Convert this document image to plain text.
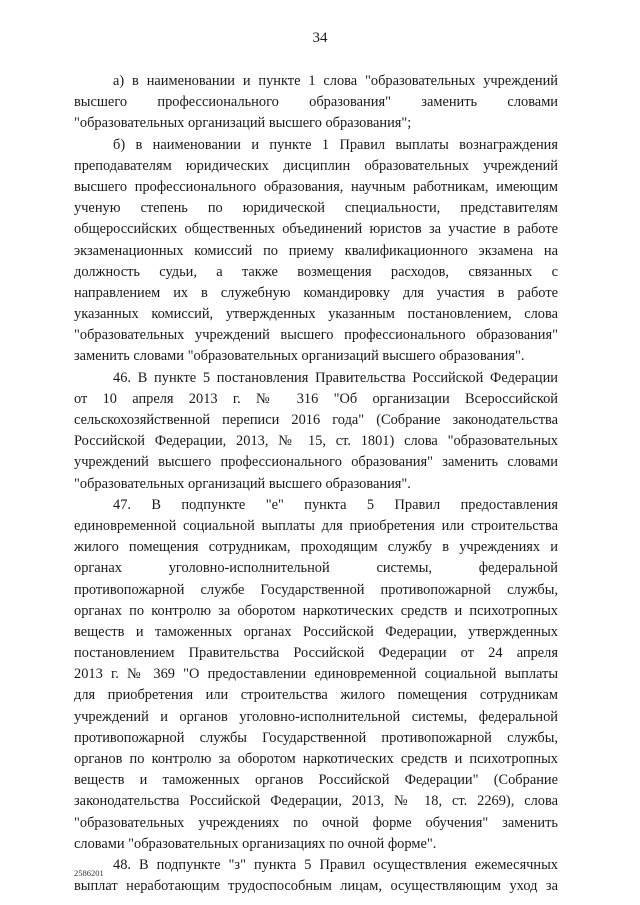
34
а) в наименовании и пункте 1 слова "образовательных учреждений
высшего профессионального образования" заменить словами
"образовательных организаций высшего образования";
б) в наименовании и пункте 1 Правил выплаты вознаграждения
преподавателям юридических дисциплин образовательных учреждений
высшего профессионального образования, научным работникам, имеющим
ученую степень по юридической специальности, представителям
общероссийских общественных объединений юристов за участие в работе
экзаменационных комиссий по приему квалификационного экзамена на
должность судьи, а также возмещения расходов, связанных с
направлением их в служебную командировку для участия в работе
указанных комиссий, утвержденных указанным постановлением, слова
"образовательных учреждений высшего профессионального образования"
заменить словами "образовательных организаций высшего образования".
46. В пункте 5 постановления Правительства Российской Федерации
от 10 апреля 2013 г. № 316 "Об организации Всероссийской
сельскохозяйственной переписи 2016 года" (Собрание законодательства
Российской Федерации, 2013, № 15, ст. 1801) слова "образовательных
учреждений высшего профессионального образования" заменить словами
"образовательных организаций высшего образования".
47. В подпункте "е" пункта 5 Правил предоставления
единовременной социальной выплаты для приобретения или строительства
жилого помещения сотрудникам, проходящим службу в учреждениях и
органах уголовно-исполнительной системы, федеральной
противопожарной службе Государственной противопожарной службы,
органах по контролю за оборотом наркотических средств и психотропных
веществ и таможенных органах Российской Федерации, утвержденных
постановлением Правительства Российской Федерации от 24 апреля
2013 г. № 369 "О предоставлении единовременной социальной выплаты
для приобретения или строительства жилого помещения сотрудникам
учреждений и органов уголовно-исполнительной системы, федеральной
противопожарной службы Государственной противопожарной службы,
органов по контролю за оборотом наркотических средств и психотропных
веществ и таможенных органов Российской Федерации" (Собрание
законодательства Российской Федерации, 2013, № 18, ст. 2269), слова
"образовательных учреждениях по очной форме обучения" заменить
словами "образовательных организациях по очной форме".
48. В подпункте "з" пункта 5 Правил осуществления ежемесячных
выплат неработающим трудоспособным лицам, осуществляющим уход за
2586201
